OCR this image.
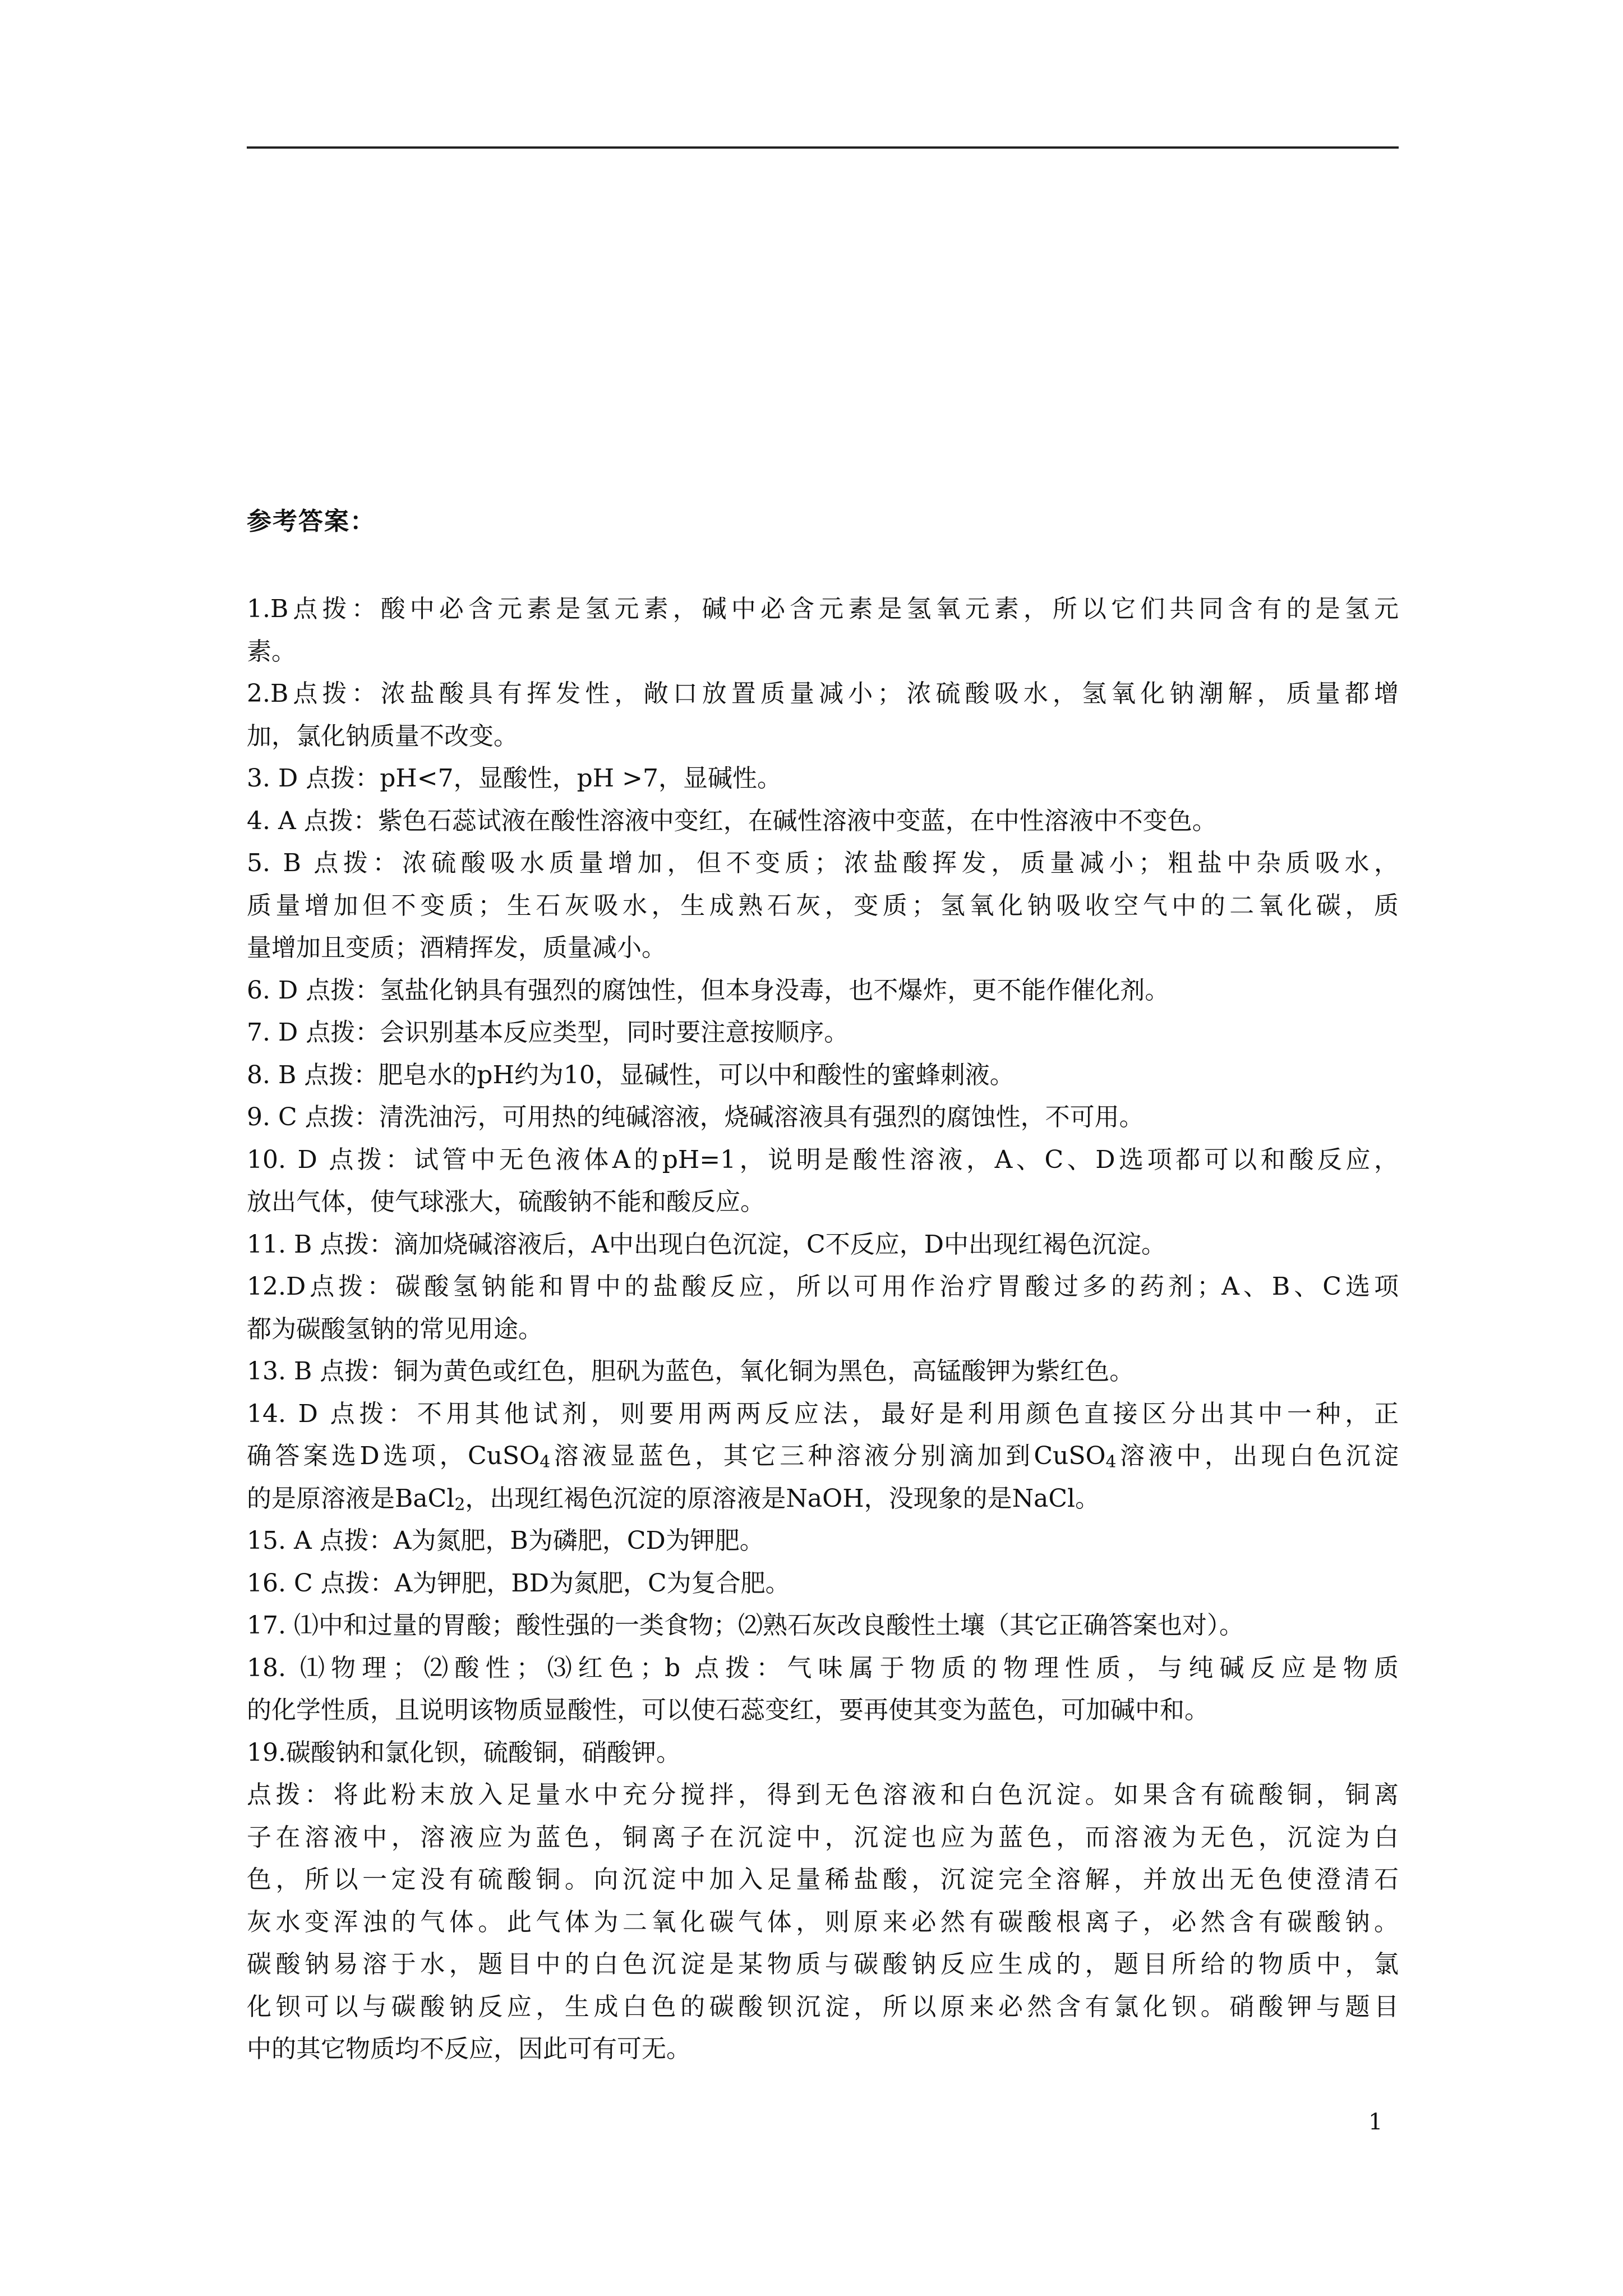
参考答案：
1.B点拨：酸中必含元素是氢元素，碱中必含元素是氢氧元素，所以它们共同含有的是氢元
素。
2.B点拨：浓盐酸具有挥发性，敞口放置质量减小；浓硫酸吸水，氢氧化钠潮解，质量都增
加，氯化钠质量不改变。
3. D 点拨：pH<7，显酸性，pH >7，显碱性。
4. A 点拨：紫色石蕊试液在酸性溶液中变红，在碱性溶液中变蓝，在中性溶液中不变色。
5. B 点拨：浓硫酸吸水质量增加，但不变质；浓盐酸挥发，质量减小；粗盐中杂质吸水，
质量增加但不变质；生石灰吸水，生成熟石灰，变质；氢氧化钠吸收空气中的二氧化碳，质
量增加且变质；酒精挥发，质量减小。
6. D 点拨：氢盐化钠具有强烈的腐蚀性，但本身没毒，也不爆炸，更不能作催化剂。
7. D 点拨：会识别基本反应类型，同时要注意按顺序。
8. B 点拨：肥皂水的pH约为10，显碱性，可以中和酸性的蜜蜂刺液。
9. C 点拨：清洗油污，可用热的纯碱溶液，烧碱溶液具有强烈的腐蚀性，不可用。
10. D 点拨：试管中无色液体A的pH=1，说明是酸性溶液，A、C、D选项都可以和酸反应，
放出气体，使气球涨大，硫酸钠不能和酸反应。
11. B 点拨：滴加烧碱溶液后，A中出现白色沉淀，C不反应，D中出现红褐色沉淀。
12.D点拨：碳酸氢钠能和胃中的盐酸反应，所以可用作治疗胃酸过多的药剂；A、B、C选项
都为碳酸氢钠的常见用途。
13. B 点拨：铜为黄色或红色，胆矾为蓝色，氧化铜为黑色，高锰酸钾为紫红色。
14. D 点拨：不用其他试剂，则要用两两反应法，最好是利用颜色直接区分出其中一种，正
确答案选D选项，CuSO$_4$溶液显蓝色，其它三种溶液分别滴加到CuSO$_4$溶液中，出现白色沉淀
的是原溶液是BaCl$_2$，出现红褐色沉淀的原溶液是NaOH，没现象的是NaCl。
15. A 点拨：A为氮肥，B为磷肥，CD为钾肥。
16. C 点拨：A为钾肥，BD为氮肥，C为复合肥。
17. ⑴中和过量的胃酸；酸性强的一类食物；⑵熟石灰改良酸性土壤（其它正确答案也对）。
18. ⑴物理；⑵酸性；⑶红色；b 点拨：气味属于物质的物理性质，与纯碱反应是物质
的化学性质，且说明该物质显酸性，可以使石蕊变红，要再使其变为蓝色，可加碱中和。
19.碳酸钠和氯化钡，硫酸铜，硝酸钾。
点拨：将此粉末放入足量水中充分搅拌，得到无色溶液和白色沉淀。如果含有硫酸铜，铜离
子在溶液中，溶液应为蓝色，铜离子在沉淀中，沉淀也应为蓝色，而溶液为无色，沉淀为白
色，所以一定没有硫酸铜。向沉淀中加入足量稀盐酸，沉淀完全溶解，并放出无色使澄清石
灰水变浑浊的气体。此气体为二氧化碳气体，则原来必然有碳酸根离子，必然含有碳酸钠。
碳酸钠易溶于水，题目中的白色沉淀是某物质与碳酸钠反应生成的，题目所给的物质中，氯
化钡可以与碳酸钠反应，生成白色的碳酸钡沉淀，所以原来必然含有氯化钡。硝酸钾与题目
中的其它物质均不反应，因此可有可无。
1
